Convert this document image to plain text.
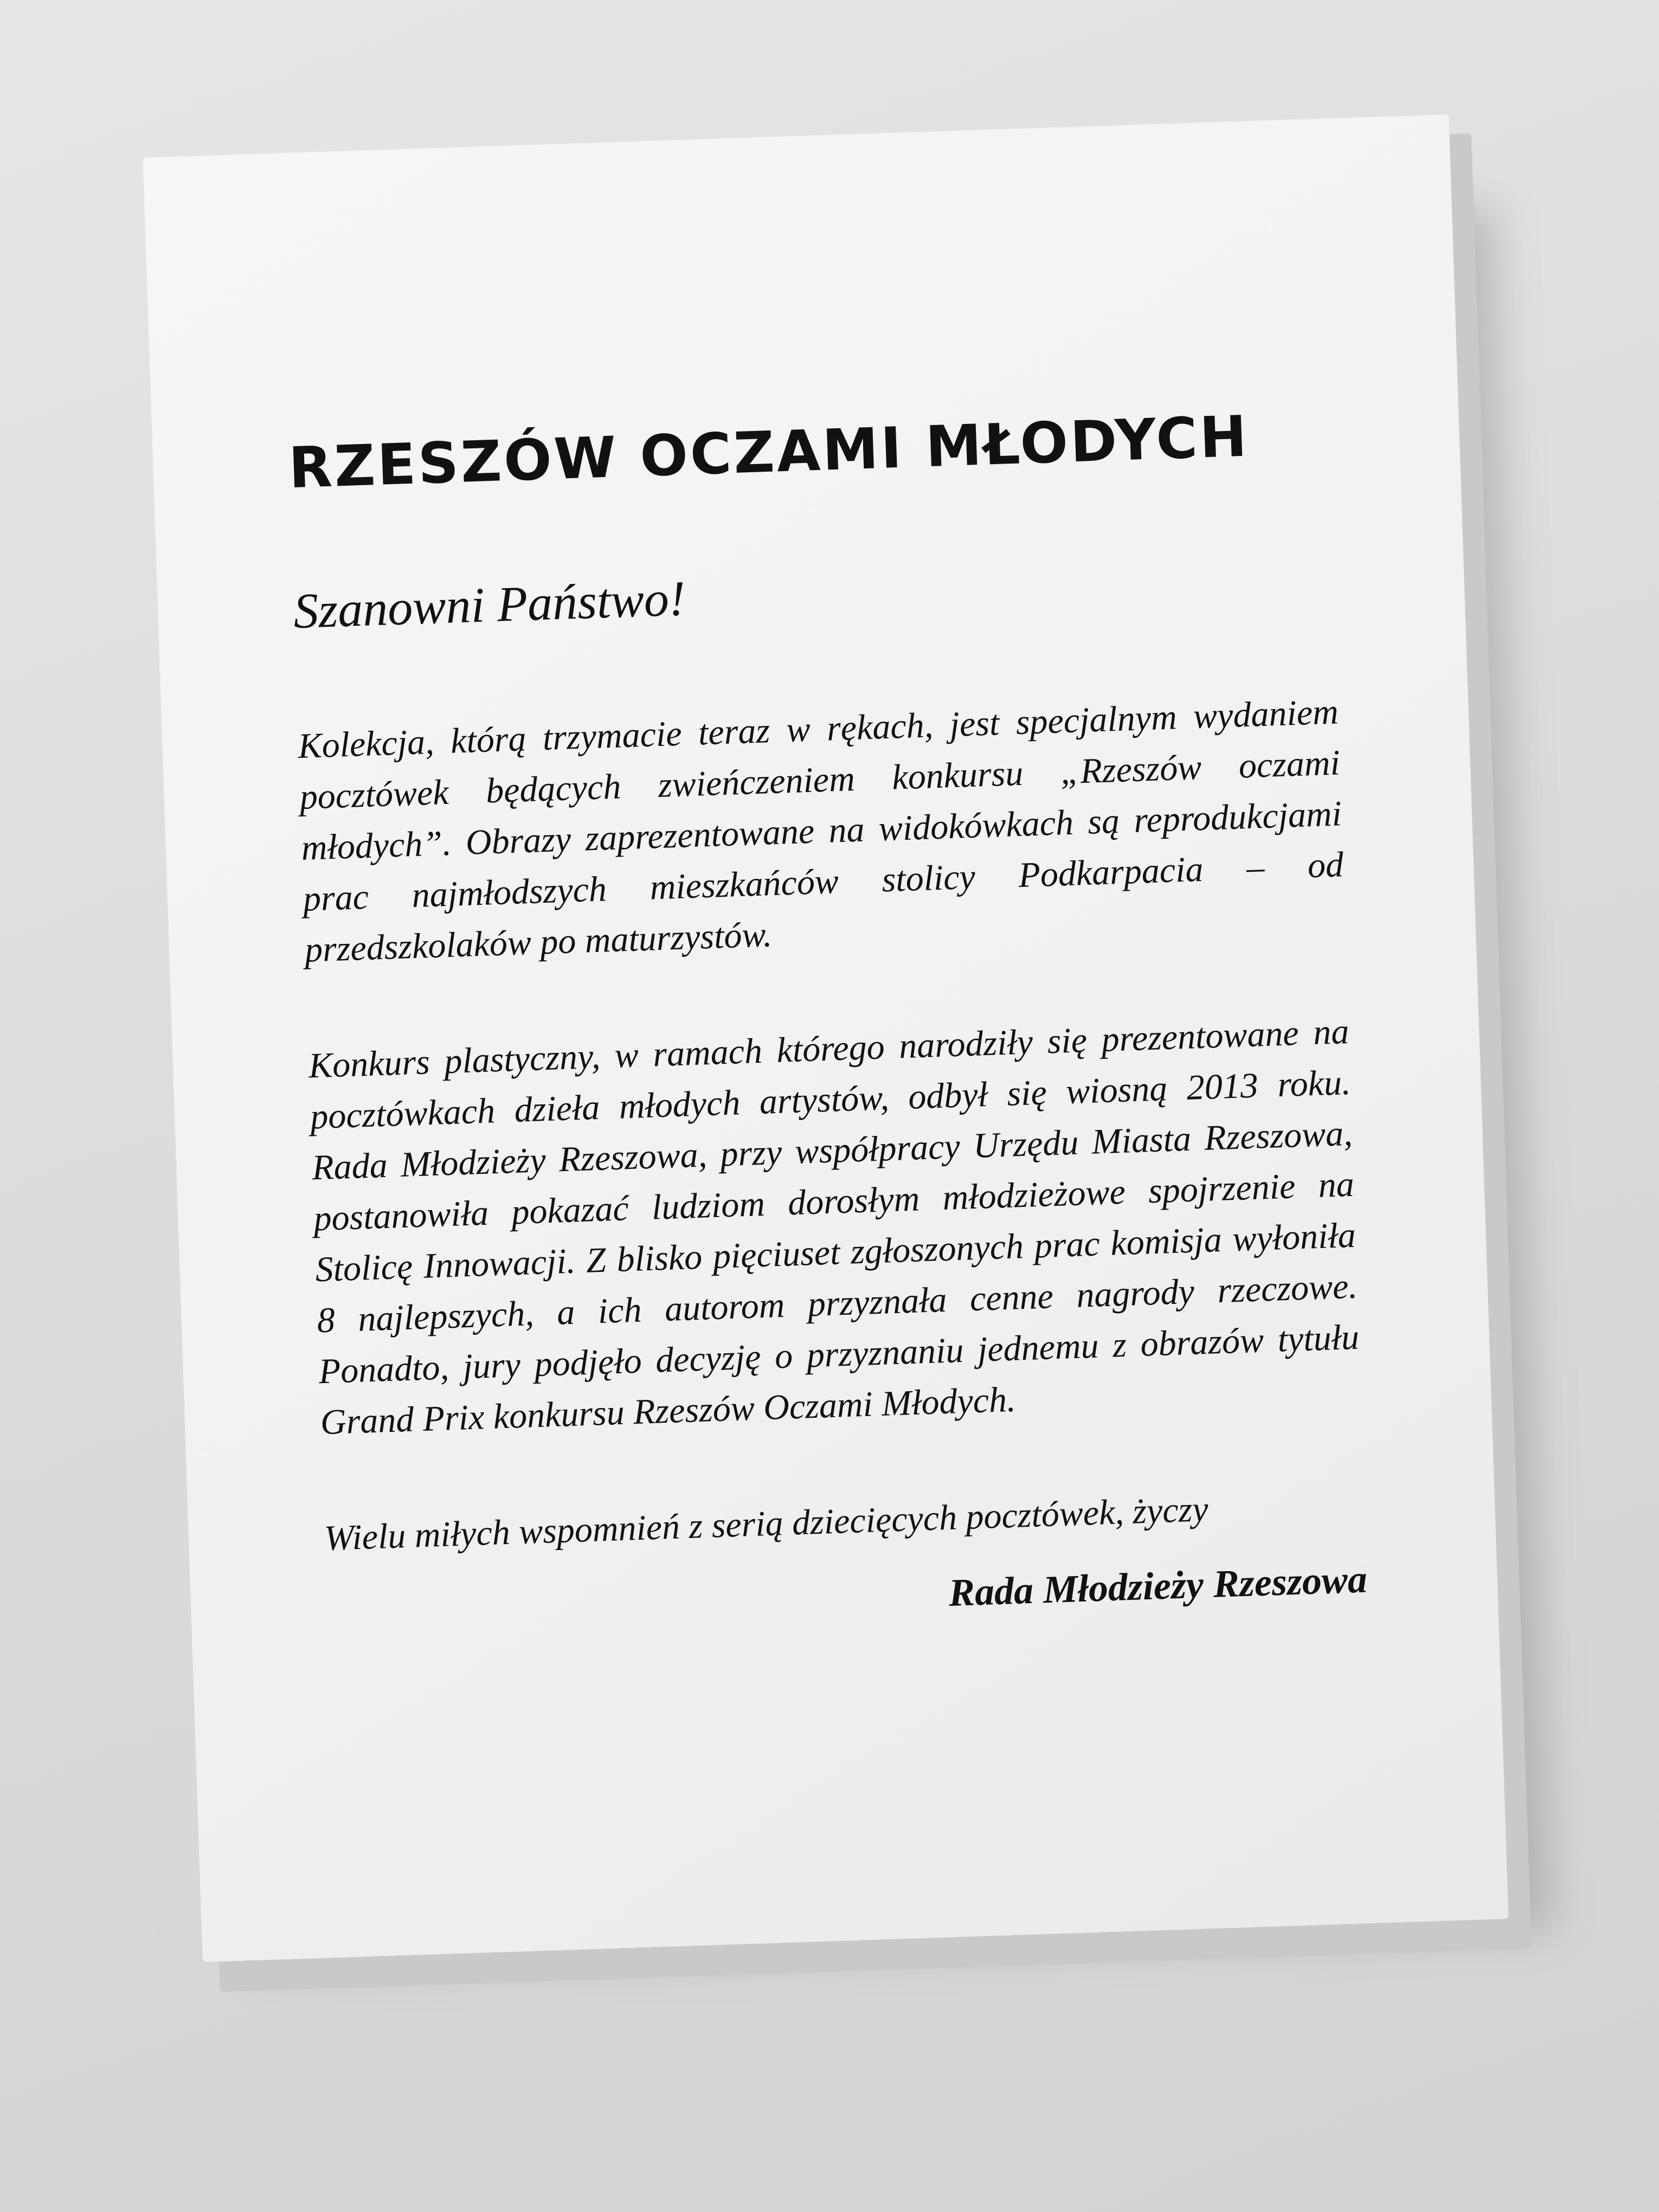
RZESZÓW OCZAMI MŁODYCH
Szanowni Państwo!

Kolekcja, którą trzymacie teraz w rękach, jest specjalnym wydaniem pocztówek będących zwieńczeniem konkursu „Rzeszów oczami młodych”. Obrazy zaprezentowane na widokówkach są reprodukcjami prac najmłodszych mieszkańców stolicy Podkarpacia – od przedszkolaków po maturzystów.

Konkurs plastyczny, w ramach którego narodziły się prezentowane na pocztówkach dzieła młodych artystów, odbył się wiosną 2013 roku. Rada Młodzieży Rzeszowa, przy współpracy Urzędu Miasta Rzeszowa, postanowiła pokazać ludziom dorosłym młodzieżowe spojrzenie na Stolicę Innowacji. Z blisko pięciuset zgłoszonych prac komisja wyłoniła 8 najlepszych, a ich autorom przyznała cenne nagrody rzeczowe. Ponadto, jury podjęło decyzję o przyznaniu jednemu z obrazów tytułu Grand Prix konkursu Rzeszów Oczami Młodych.

Wielu miłych wspomnień z serią dziecięcych pocztówek, życzy

Rada Młodzieży Rzeszowa
